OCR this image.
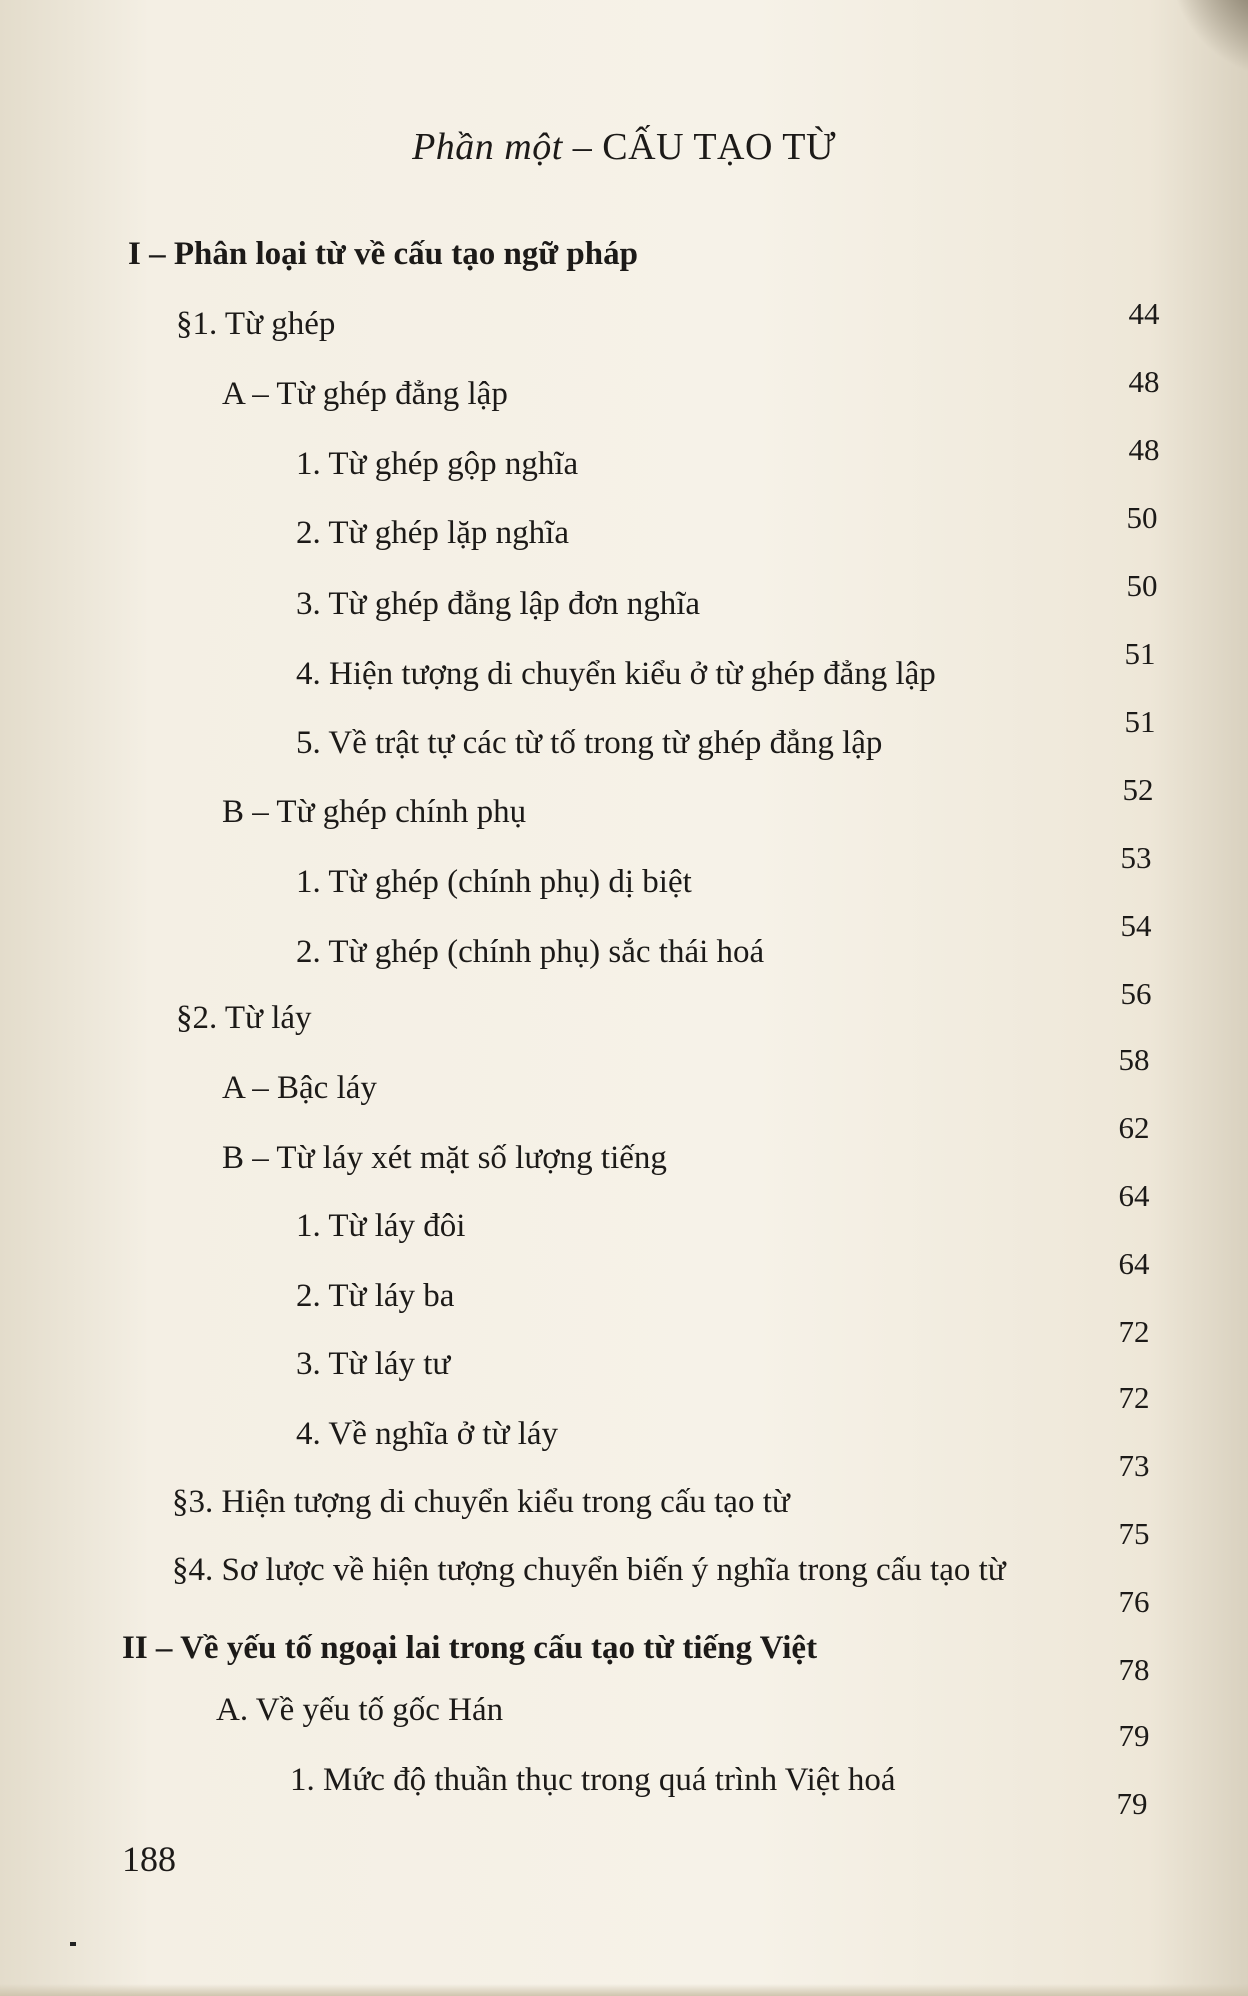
Phần một – CẤU TẠO TỪ
I – Phân loại từ về cấu tạo ngữ pháp
§1. Từ ghép
A – Từ ghép đẳng lập
1. Từ ghép gộp nghĩa
2. Từ ghép lặp nghĩa
3. Từ ghép đẳng lập đơn nghĩa
4. Hiện tượng di chuyển kiểu ở từ ghép đẳng lập
5. Về trật tự các từ tố trong từ ghép đẳng lập
B – Từ ghép chính phụ
1. Từ ghép (chính phụ) dị biệt
2. Từ ghép (chính phụ) sắc thái hoá
§2. Từ láy
A – Bậc láy
B – Từ láy xét mặt số lượng tiếng
1. Từ láy đôi
2. Từ láy ba
3. Từ láy tư
4. Về nghĩa ở từ láy
§3. Hiện tượng di chuyển kiểu trong cấu tạo từ
§4. Sơ lược về hiện tượng chuyển biến ý nghĩa trong cấu tạo từ
II – Về yếu tố ngoại lai trong cấu tạo từ tiếng Việt
A. Về yếu tố gốc Hán
1. Mức độ thuần thục trong quá trình Việt hoá
44
48
48
50
50
51
51
52
53
54
56
58
62
64
64
72
72
73
75
76
78
79
79
188
